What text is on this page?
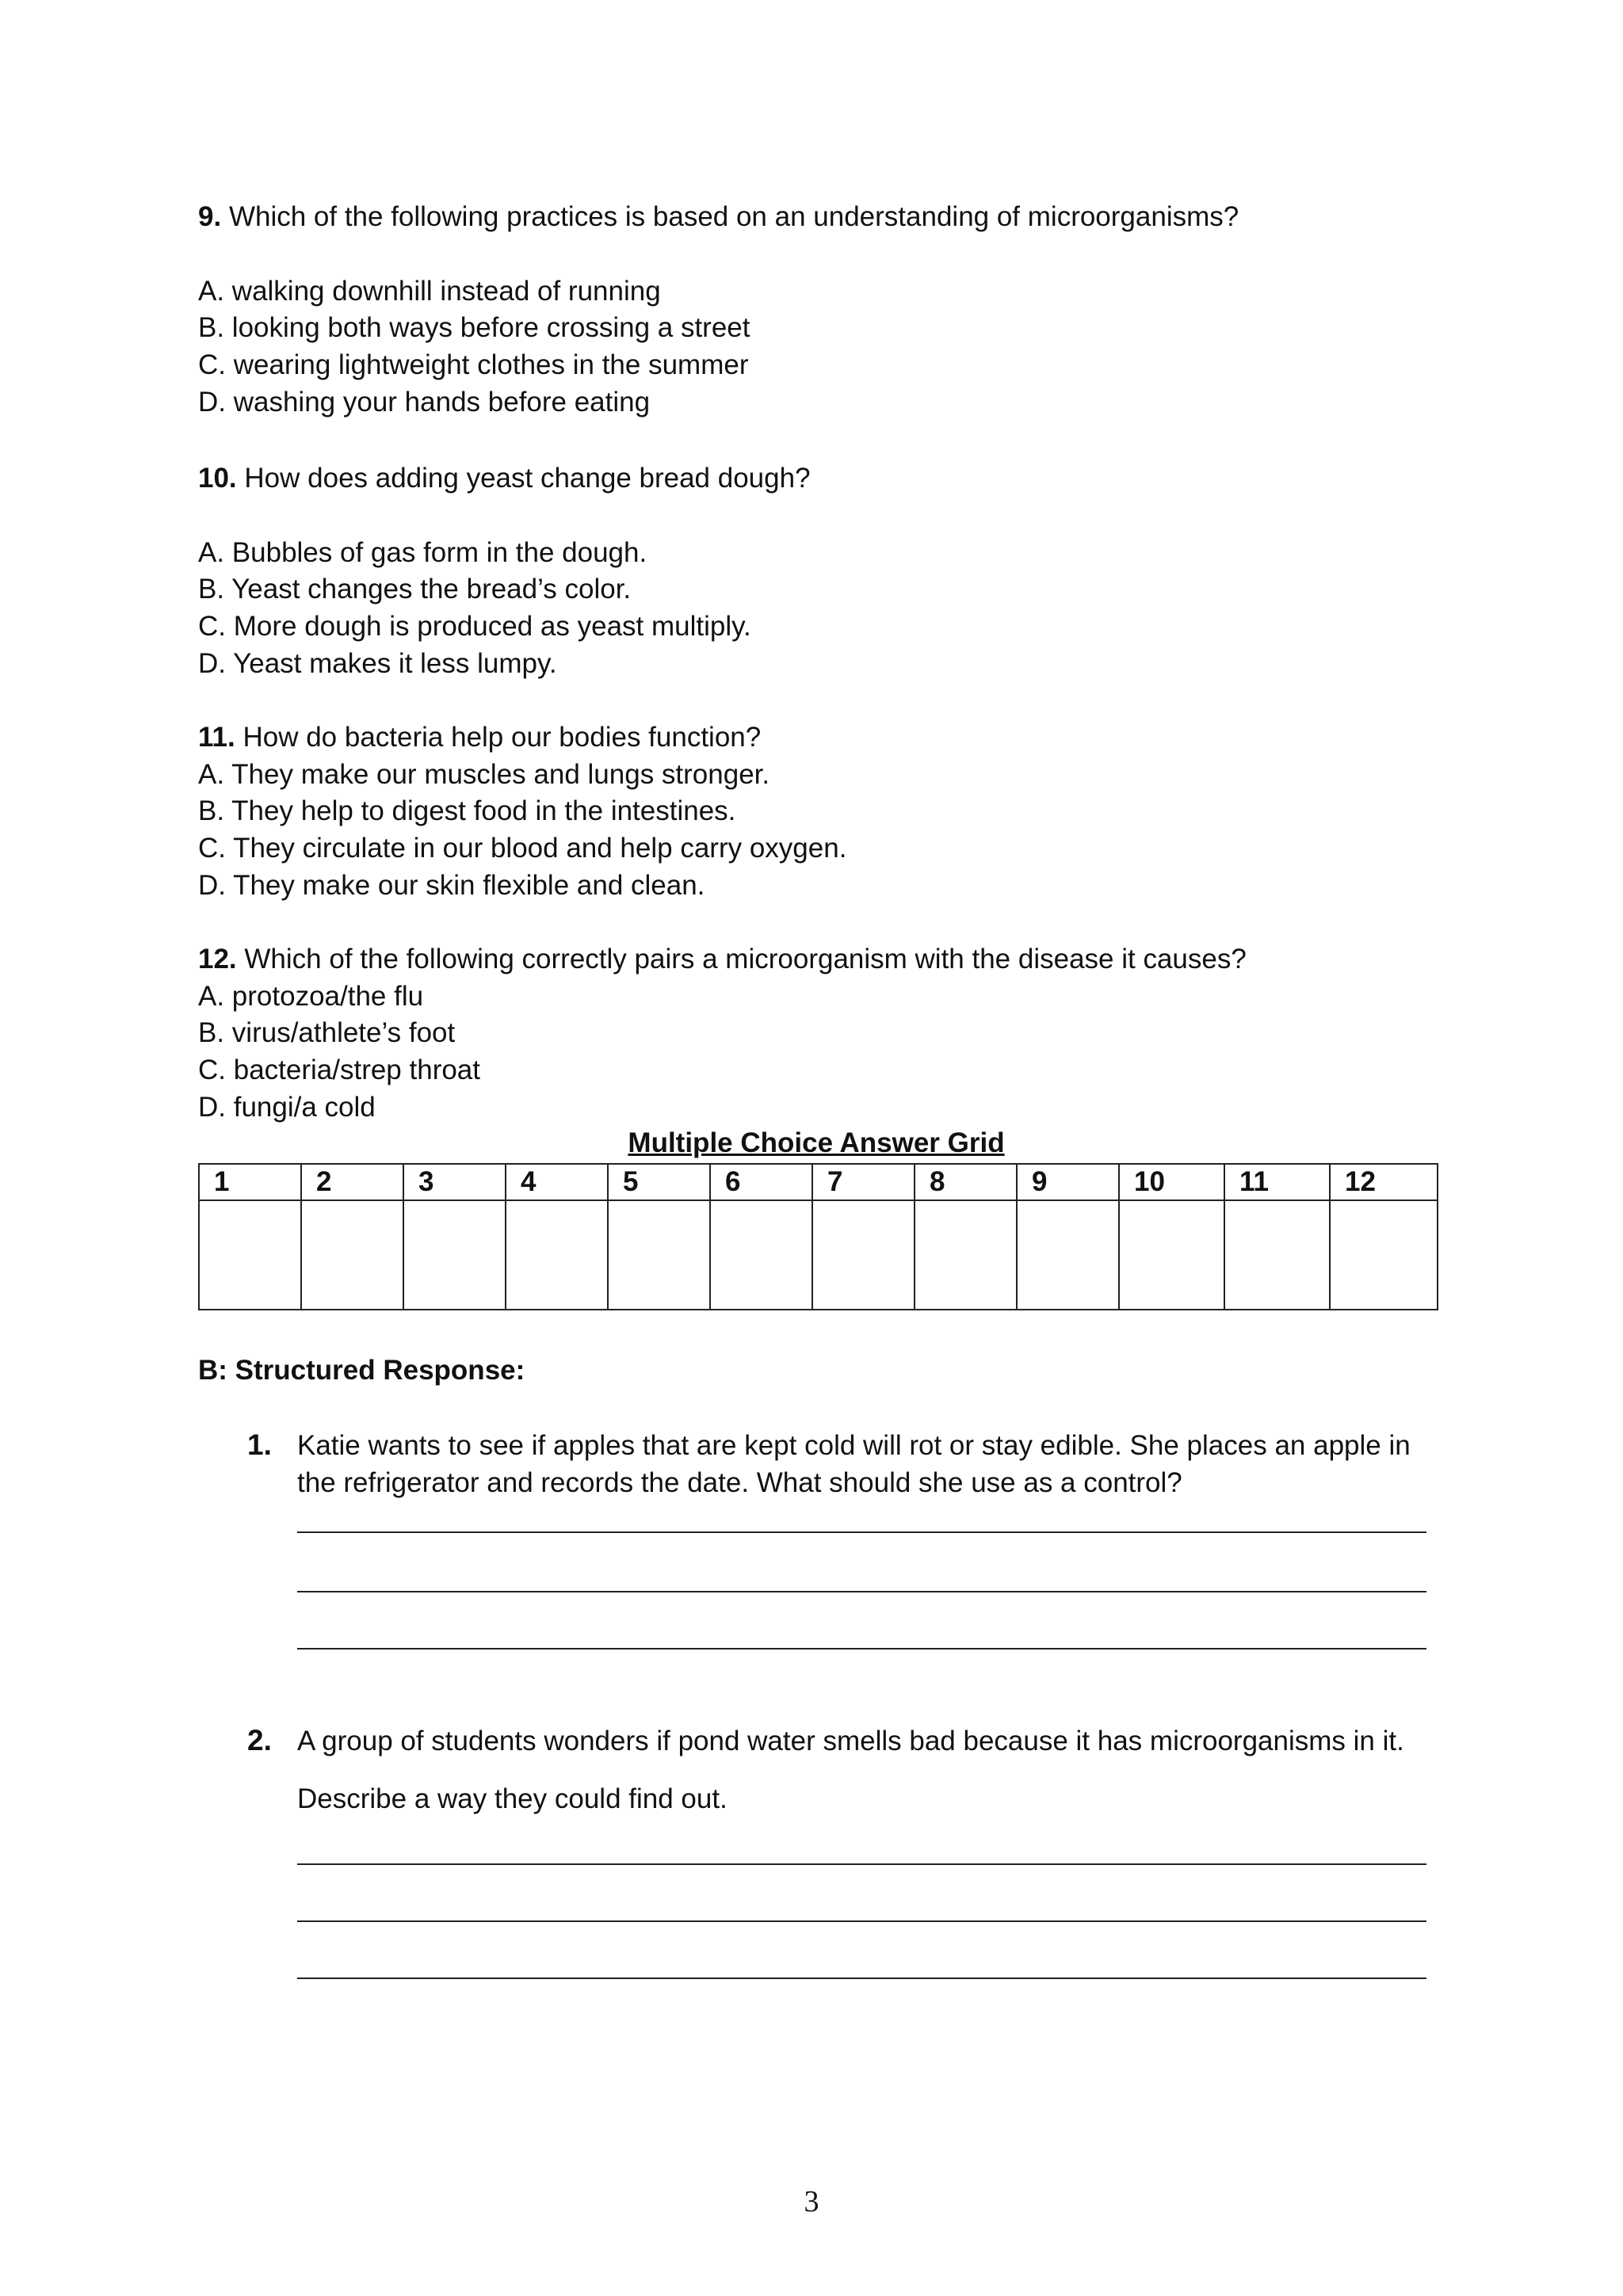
9. Which of the following practices is based on an understanding of microorganisms?
A. walking downhill instead of running
B. looking both ways before crossing a street
C. wearing lightweight clothes in the summer
D. washing your hands before eating
10. How does adding yeast change bread dough?
A. Bubbles of gas form in the dough.
B. Yeast changes the bread’s color.
C. More dough is produced as yeast multiply.
D. Yeast makes it less lumpy.
11. How do bacteria help our bodies function?
A. They make our muscles and lungs stronger.
B. They help to digest food in the intestines.
C. They circulate in our blood and help carry oxygen.
D. They make our skin flexible and clean.
12. Which of the following correctly pairs a microorganism with the disease it causes?
A. protozoa/the flu
B. virus/athlete’s foot
C. bacteria/strep throat
D. fungi/a cold
Multiple Choice Answer Grid
1	2	3	4	5	6	7	8	9	10	11	12

B: Structured Response:
1. Katie wants to see if apples that are kept cold will rot or stay edible. She places an apple in
the refrigerator and records the date. What should she use as a control?
2. A group of students wonders if pond water smells bad because it has microorganisms in it.
Describe a way they could find out.
3
